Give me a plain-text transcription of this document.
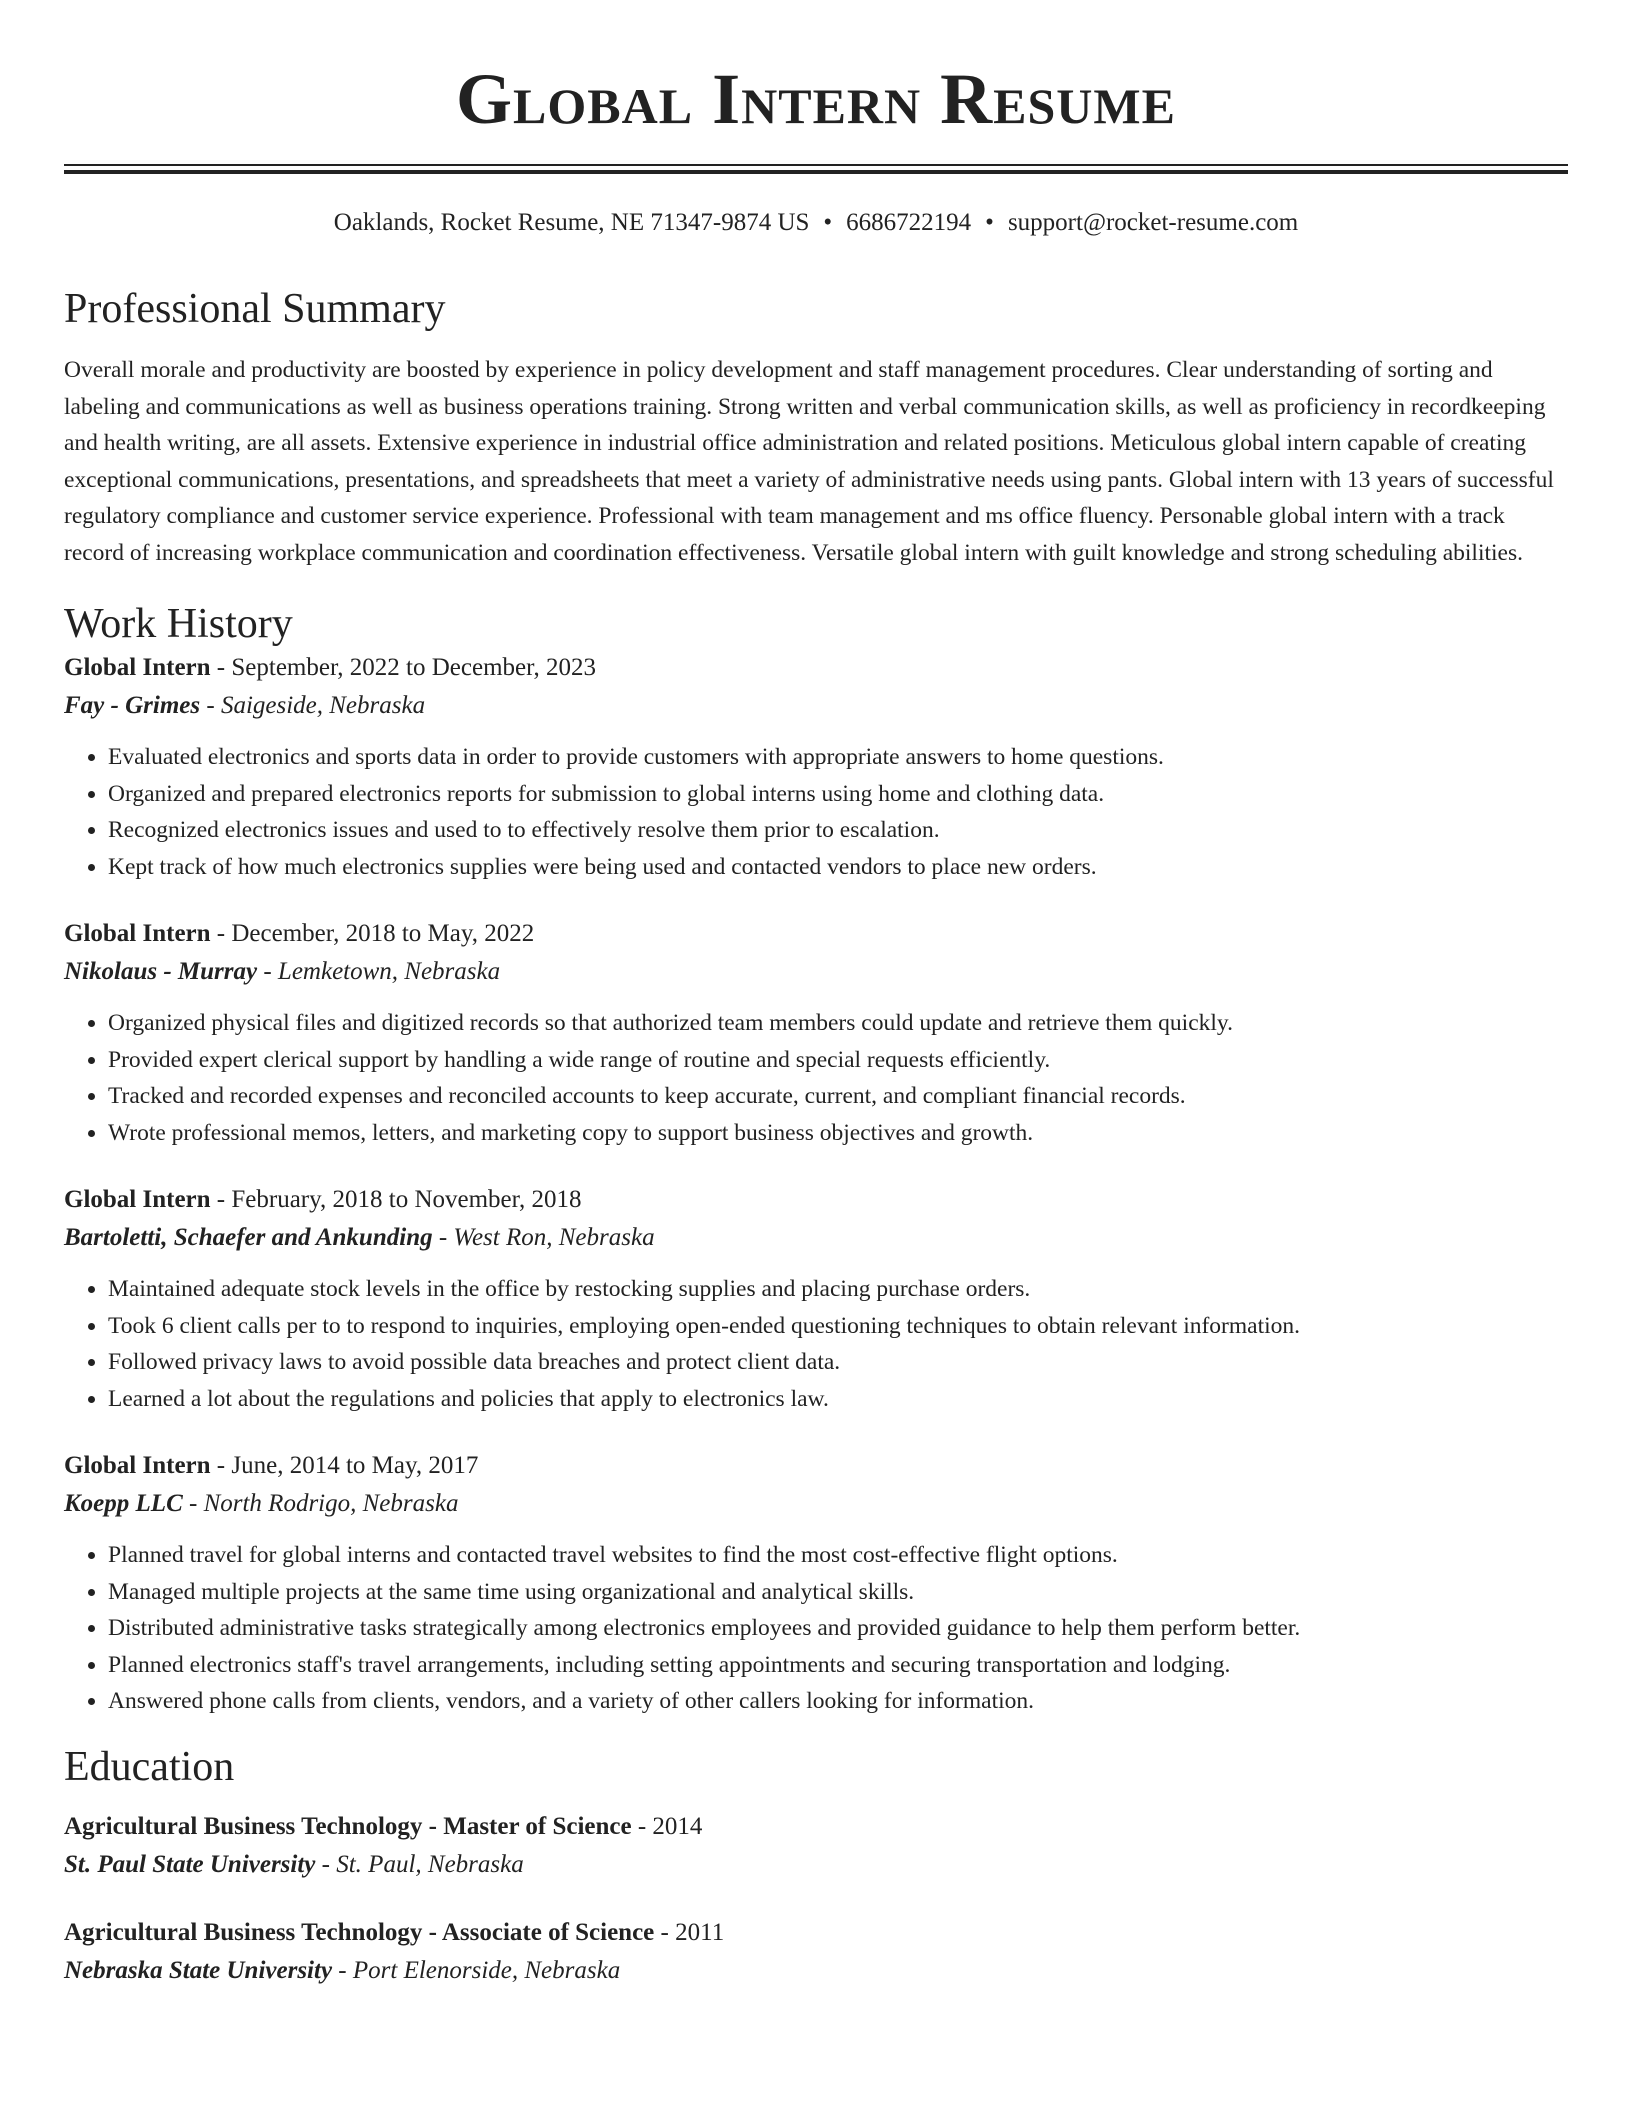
Global Intern Resume
Oaklands, Rocket Resume, NE 71347-9874 US • 6686722194 • support@rocket-resume.com
Professional Summary

Overall morale and productivity are boosted by experience in policy development and staff management procedures. Clear understanding of sorting and labeling and communications as well as business operations training. Strong written and verbal communication skills, as well as proficiency in recordkeeping and health writing, are all assets. Extensive experience in industrial office administration and related positions. Meticulous global intern capable of creating exceptional communications, presentations, and spreadsheets that meet a variety of administrative needs using pants. Global intern with 13 years of successful regulatory compliance and customer service experience. Professional with team management and ms office fluency. Personable global intern with a track record of increasing workplace communication and coordination effectiveness. Versatile global intern with guilt knowledge and strong scheduling abilities.

Work History
Global Intern - September, 2022 to December, 2023
Fay - Grimes - Saigeside, Nebraska
• Evaluated electronics and sports data in order to provide customers with appropriate answers to home questions.
• Organized and prepared electronics reports for submission to global interns using home and clothing data.
• Recognized electronics issues and used to to effectively resolve them prior to escalation.
• Kept track of how much electronics supplies were being used and contacted vendors to place new orders.
Global Intern - December, 2018 to May, 2022
Nikolaus - Murray - Lemketown, Nebraska
• Organized physical files and digitized records so that authorized team members could update and retrieve them quickly.
• Provided expert clerical support by handling a wide range of routine and special requests efficiently.
• Tracked and recorded expenses and reconciled accounts to keep accurate, current, and compliant financial records.
• Wrote professional memos, letters, and marketing copy to support business objectives and growth.
Global Intern - February, 2018 to November, 2018
Bartoletti, Schaefer and Ankunding - West Ron, Nebraska
• Maintained adequate stock levels in the office by restocking supplies and placing purchase orders.
• Took 6 client calls per to to respond to inquiries, employing open-ended questioning techniques to obtain relevant information.
• Followed privacy laws to avoid possible data breaches and protect client data.
• Learned a lot about the regulations and policies that apply to electronics law.
Global Intern - June, 2014 to May, 2017
Koepp LLC - North Rodrigo, Nebraska
• Planned travel for global interns and contacted travel websites to find the most cost-effective flight options.
• Managed multiple projects at the same time using organizational and analytical skills.
• Distributed administrative tasks strategically among electronics employees and provided guidance to help them perform better.
• Planned electronics staff's travel arrangements, including setting appointments and securing transportation and lodging.
• Answered phone calls from clients, vendors, and a variety of other callers looking for information.
Education
Agricultural Business Technology - Master of Science - 2014
St. Paul State University - St. Paul, Nebraska
Agricultural Business Technology - Associate of Science - 2011
Nebraska State University - Port Elenorside, Nebraska
